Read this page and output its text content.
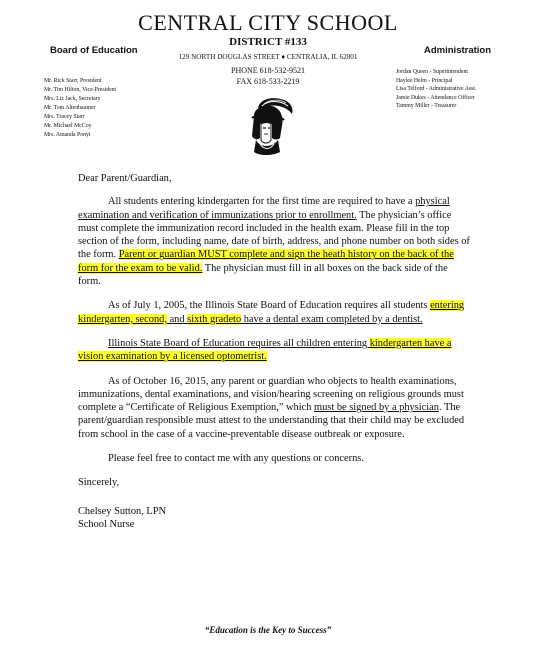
CENTRAL CITY SCHOOL
DISTRICT #133
129 NORTH DOUGLAS STREET ♦ CENTRALIA, IL 62801
PHONE 618-532-9521
FAX 618-533-2219
Board of Education	Administration
Mr. Rick Starr, President
Mr. Tim Hilton, Vice-President
Mrs. Liz Jack, Secretary
Mr. Tom Altenbaumer
Mrs. Tracey Starr
Mr. Michael McCoy
Mrs. Amanda Ponyi
Jordan Queen - Superintendent
Haylee Helm - Principal
Lisa Telford - Administrative Asst.
Jamie Dukes - Attendance Officer
Tammy Miller - Treasurer

Dear Parent/Guardian,

All students entering kindergarten for the first time are required to have a physical examination and verification of immunizations prior to enrollment. The physician’s office must complete the immunization record included in the health exam. Please fill in the top section of the form, including name, date of birth, address, and phone number on both sides of the form. Parent or guardian MUST complete and sign the heath history on the back of the form for the exam to be valid. The physician must fill in all boxes on the back side of the form.

As of July 1, 2005, the Illinois State Board of Education requires all students entering kindergarten, second, and sixth gradeto have a dental exam completed by a dentist.

Illinois State Board of Education requires all children entering kindergarten have a vision examination by a licensed optometrist.

As of October 16, 2015, any parent or guardian who objects to health examinations, immunizations, dental examinations, and vision/hearing screening on religious grounds must complete a “Certificate of Religious Exemption,” which must be signed by a physician. The parent/guardian responsible must attest to the understanding that their child may be excluded from school in the case of a vaccine-preventable disease outbreak or exposure.

Please feel free to contact me with any questions or concerns.

Sincerely,

Chelsey Sutton, LPN

School Nurse

“Education is the Key to Success”
